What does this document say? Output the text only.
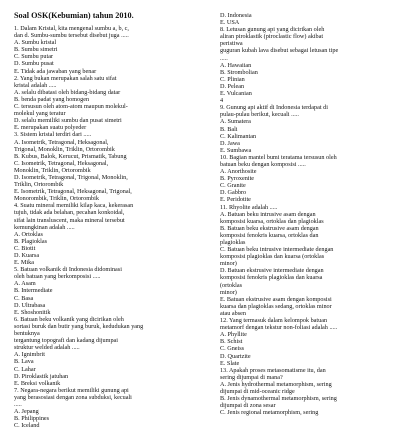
Soal OSK(Kebumian) tahun 2010.
1. Dalam Kristal, kita mengenal sumbu a, b, c,
dan d. Sumbu-sumbu tersebut disebut juga .....
A. Sumbu kristal
B. Sumbu simetri
C. Sumbu putar
D. Sumbu pusat
E. Tidak ada jawaban yang benar
2. Yang bukan merupakan salah satu sifat
kristal adalah .....
A. selalu dibatasi oleh bidang-bidang datar
B. benda padat yang homogen
C. tersusun oleh atom-atom maupun molekul-
molekul yang teratur
D. selalu memiliki sumbu dan pusat simetri
E. merupakan suatu polyeder
3. Sistem kristal terdiri dari .....
A. Isometrik, Tetragonal, Heksagonal,
Trigonal, Monoklin, Triklin, Ortorombik
B. Kubus, Balok, Kerucut, Prismatik, Tabung
C. Isometrik, Tetragonal, Heksagonal,
Monoklin, Triklin, Ortorombik
D. Isometrik, Tetragonal, Trigonal, Monoklin,
Triklin, Ortorombik
E. Isometrik, Tetragonal, Heksagonal, Trigonal,
Monorombik, Triklin, Ortorombik
4. Suatu mineral memiliki kilap kaca, kekerasan
tujuh, tidak ada belahan, pecahan konkoidal,
sifat lain transluscent, maka mineral tersebut
kemungkinan adalah .....
A. Ortoklas
B. Plagioklas
C. Biotit
D. Kuarsa
E. Mika
5. Batuan volkanik di Indonesia didominasi
oleh batuan yang berkomposisi .....
A. Asam
B. Intermediate
C. Basa
D. Ultrabasa
E. Shoshonitik
6. Batuan beku volkanik yang dicirikan oleh
sortasi buruk dan butir yang buruk, kedudukan yang
bentuknya
tergantung topografi dan kadang dijumpai
struktur welded adalah .....
A. Ignimbrit
B. Lava
C. Lahar
D. Piroklastik jatuhan
E. Breksi volkanik
7. Negara-negara berikut memiliki gunung api
yang berasosiasi dengan zona subduksi, kecuali
.....
A. Jepang
B. Philippines
C. Iceland
D. Indonesia
E. USA
8. Letusan gunung api yang dicirikan oleh
aliran piroklastik (piroclastic flow) akibat
peristiwa
guguran kubah lava disebut sebagai letusan tipe
.....
A. Hawaiian
B. Strombolian
C. Plinian
D. Pelean
E. Vulcanian
4
9. Gunung api aktif di Indonesia terdapat di
pulau-pulau berikut, kecuali .....
A. Sumatera
B. Bali
C. Kalimantan
D. Jawa
E. Sumbawa
10. Bagian mantel bumi teratama tersusun oleh
batuan beku dengan komposisi .....
A. Anorthosite
B. Pyroxenite
C. Granite
D. Gabbro
E. Peridotite
11. Rhyolite adalah .....
A. Batuan beku intrusive asam dengan
komposisi kuarsa, ortoklas dan plagioklas
B. Batuan beku ekstrusive asam dengan
komposisi fenokris kuarsa, ortoklas dan
plagioklas
C. Batuan beku intrusive intermediate dengan
komposisi plagioklas dan kuarsa (ortoklas
minor)
D. Batuan ekstrusive intermediate dengan
komposisi fenokris plagioklas dan kuarsa
(ortoklas
minor)
E. Batuan ekstrusive asam dengan komposisi
kuarsa dan plagioklas sedang, ortoklas minor
atau absen
12. Yang termasuk dalam kelompok batuan
metamorf dengan tekstur non-foliasi adalah .....
A. Phyllite
B. Schist
C. Gneiss
D. Quartzite
E. Slate
13. Apakah proses metasomatisme itu, dan
sering dijumpai di mana?
A. Jenis hydrothermal metamorphism, sering
dijumpai di mid-oceanic ridge
B. Jenis dynamothermal metamorphism, sering
dijumpai di zona sesar
C. Jenis regional metamorphism, sering
